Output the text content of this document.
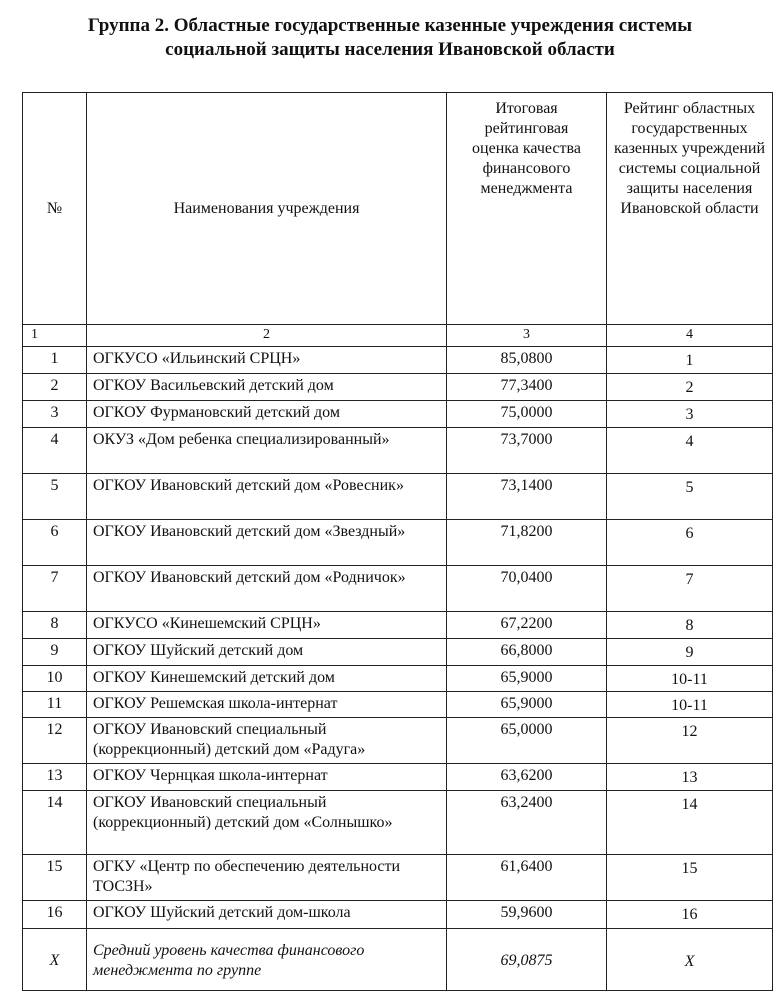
Группа 2. Областные государственные казенные учреждения системы
социальной защиты населения Ивановской области
№	Наименования учреждения	Итоговая рейтинговая оценка качества финансового менеджмента	Рейтинг областных государственных казенных учреждений системы социальной защиты населения Ивановской области
1	2	3	4
1	ОГКУСО «Ильинский СРЦН»	85,0800	1
2	ОГКОУ Васильевский детский дом	77,3400	2
3	ОГКОУ Фурмановский детский дом	75,0000	3
4	ОКУЗ «Дом ребенка специализированный»	73,7000	4
5	ОГКОУ Ивановский детский дом «Ровесник»	73,1400	5
6	ОГКОУ Ивановский детский дом «Звездный»	71,8200	6
7	ОГКОУ Ивановский детский дом «Родничок»	70,0400	7
8	ОГКУСО «Кинешемский СРЦН»	67,2200	8
9	ОГКОУ Шуйский детский дом	66,8000	9
10	ОГКОУ Кинешемский детский дом	65,9000	10-11
11	ОГКОУ Решемская школа-интернат	65,9000	10-11
12	ОГКОУ Ивановский специальный (коррекционный) детский дом «Радуга»	65,0000	12
13	ОГКОУ Чернцкая школа-интернат	63,6200	13
14	ОГКОУ Ивановский специальный (коррекционный) детский дом «Солнышко»	63,2400	14
15	ОГКУ «Центр по обеспечению деятельности ТОСЗН»	61,6400	15
16	ОГКОУ Шуйский детский дом-школа	59,9600	16
X	Средний уровень качества финансового менеджмента по группе	69,0875	X
